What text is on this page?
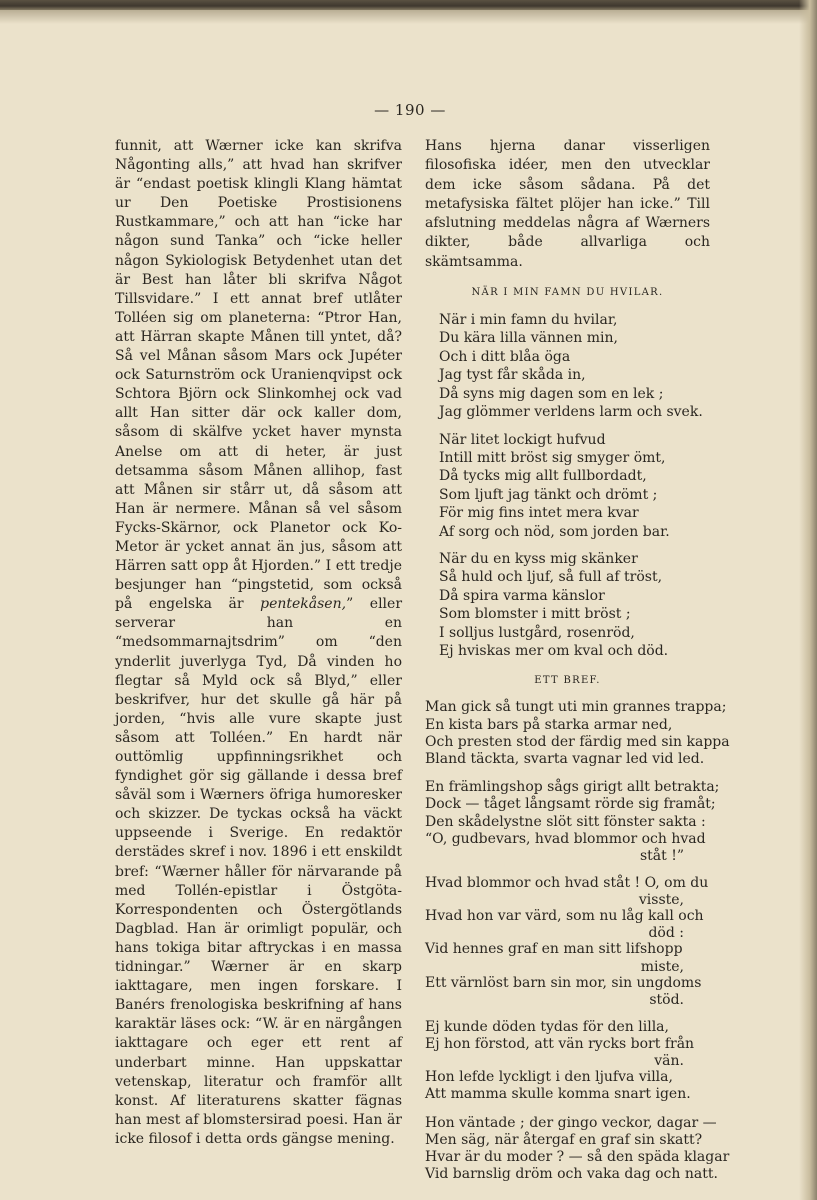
— 190 —

funnit, att Wærner icke kan skrifva Någonting alls,” att hvad han skrifver är “endast poetisk klingli Klang hämtat ur Den Poetiske Prostisionens Rustkammare,” och att han “icke har någon sund Tanka” och “icke heller någon Sykiologisk Betydenhet utan det är Best han låter bli skrifva Något Tillsvidare.” I ett annat bref utlåter Tolléen sig om planeterna: “Ptror Han, att Härran skapte Månen till yntet, då? Så vel Månan såsom Mars ock Jupéter ock Saturnström ock Uranienqvipst ock Schtora Björn ock Slinkomhej ock vad allt Han sitter där ock kaller dom, såsom di skälfve ycket haver mynsta Anelse om att di heter, är just detsamma såsom Månen allihop, fast att Månen sir stårr ut, då såsom att Han är nermere. Månan så vel såsom Fycks-Skärnor, ock Planetor ock Ko-Metor är ycket annat än jus, såsom att Härren satt opp åt Hjorden.” I ett tredje besjunger han “pingstetid, som också på engelska är pentekåsen,” eller serverar han en “medsommarnajtsdrim” om “den ynderlit juverlyga Tyd, Då vinden ho flegtar så Myld ock så Blyd,” eller beskrifver, hur det skulle gå här på jorden, “hvis alle vure skapte just såsom att Tolléen.” En hardt när outtömlig uppfinningsrikhet och fyndighet gör sig gällande i dessa bref såväl som i Wærners öfriga humoresker och skizzer. De tyckas också ha väckt uppseende i Sverige. En redaktör derstädes skref i nov. 1896 i ett enskildt bref: “Wærner håller för närvarande på med Tollén-epistlar i Östgöta-Korrespondenten och Östergötlands Dagblad. Han är orimligt populär, och hans tokiga bitar aftryckas i en massa tidningar.” Wærner är en skarp iakttagare, men ingen forskare. I Banérs frenologiska beskrifning af hans karaktär läses ock: “W. är en närgången iakttagare och eger ett rent af underbart minne. Han uppskattar vetenskap, literatur och framför allt konst. Af literaturens skatter fägnas han mest af blomstersirad poesi. Han är icke filosof i detta ords gängse mening.

Hans hjerna danar visserligen filosofiska idéer, men den utvecklar dem icke såsom sådana. På det metafysiska fältet plöjer han icke.” Till afslutning meddelas några af Wærners dikter, både allvarliga och skämtsamma.

NÄR I MIN FAMN DU HVILAR.
När i min famn du hvilar,
Du kära lilla vännen min,
Och i ditt blåa öga
Jag tyst får skåda in,
Då syns mig dagen som en lek ;
Jag glömmer verldens larm och svek.
När litet lockigt hufvud
Intill mitt bröst sig smyger ömt,
Då tycks mig allt fullbordadt,
Som ljuft jag tänkt och drömt ;
För mig fins intet mera kvar
Af sorg och nöd, som jorden bar.
När du en kyss mig skänker
Så huld och ljuf, så full af tröst,
Då spira varma känslor
Som blomster i mitt bröst ;
I solljus lustgård, rosenröd,
Ej hviskas mer om kval och död.
ETT BREF.
Man gick så tungt uti min grannes trappa;
En kista bars på starka armar ned,
Och presten stod der färdig med sin kappa
Bland täckta, svarta vagnar led vid led.
En främlingshop sågs girigt allt betrakta;
Dock — tåget långsamt rörde sig framåt;
Den skådelystne slöt sitt fönster sakta :
“O, gudbevars, hvad blommor och hvad
ståt !”
Hvad blommor och hvad ståt ! O, om du
visste,
Hvad hon var värd, som nu låg kall och
död :
Vid hennes graf en man sitt lifshopp
miste,
Ett värnlöst barn sin mor, sin ungdoms
stöd.
Ej kunde döden tydas för den lilla,
Ej hon förstod, att vän rycks bort från
vän.
Hon lefde lyckligt i den ljufva villa,
Att mamma skulle komma snart igen.
Hon väntade ; der gingo veckor, dagar —
Men säg, när återgaf en graf sin skatt?
Hvar är du moder ? — så den späda klagar
Vid barnslig dröm och vaka dag och natt.
